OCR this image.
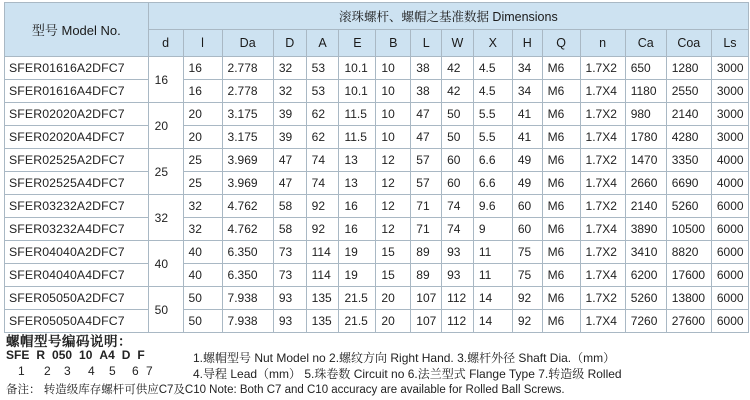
型号 Model No.	滚珠螺杆、螺帽之基准数据 Dimensions															
	d	l	Da	D	A	E	B	L	W	X	H	Q	n	Ca	Coa	Ls
SFER01616A2DFC7	16	16	2.778	32	53	10.1	10	38	42	4.5	34	M6	1.7X2	650	1280	3000
SFER01616A4DFC7		16	2.778	32	53	10.1	10	38	42	4.5	34	M6	1.7X4	1180	2550	3000
SFER02020A2DFC7	20	20	3.175	39	62	11.5	10	47	50	5.5	41	M6	1.7X2	980	2140	3000
SFER02020A4DFC7		20	3.175	39	62	11.5	10	47	50	5.5	41	M6	1.7X4	1780	4280	3000
SFER02525A2DFC7	25	25	3.969	47	74	13	12	57	60	6.6	49	M6	1.7X2	1470	3350	4000
SFER02525A4DFC7		25	3.969	47	74	13	12	57	60	6.6	49	M6	1.7X4	2660	6690	4000
SFER03232A2DFC7	32	32	4.762	58	92	16	12	71	74	9.6	60	M6	1.7X2	2140	5260	6000
SFER03232A4DFC7		32	4.762	58	92	16	12	71	74	9	60	M6	1.7X4	3890	10500	6000
SFER04040A2DFC7	40	40	6.350	73	114	19	15	89	93	11	75	M6	1.7X2	3410	8820	6000
SFER04040A4DFC7		40	6.350	73	114	19	15	89	93	11	75	M6	1.7X4	6200	17600	6000
SFER05050A2DFC7	50	50	7.938	93	135	21.5	20	107	112	14	92	M6	1.7X2	5260	13800	6000
SFER05050A4DFC7		50	7.938	93	135	21.5	20	107	112	14	92	M6	1.7X4	7260	27600	6000
螺帽型号编码说明：
SFE R 050 10 A4 D F
1 2 3 4 5 6 7
1.螺帽型号 Nut Model no 2.螺纹方向 Right Hand. 3.螺杆外径 Shaft Dia.（mm）
4.导程 Lead（mm） 5.珠卷数 Circuit no 6.法兰型式 Flange Type 7.转造级 Rolled
备注： 转造级库存螺杆可供应C7及C10 Note: Both C7 and C10 accuracy are available for Rolled Ball Screws.
